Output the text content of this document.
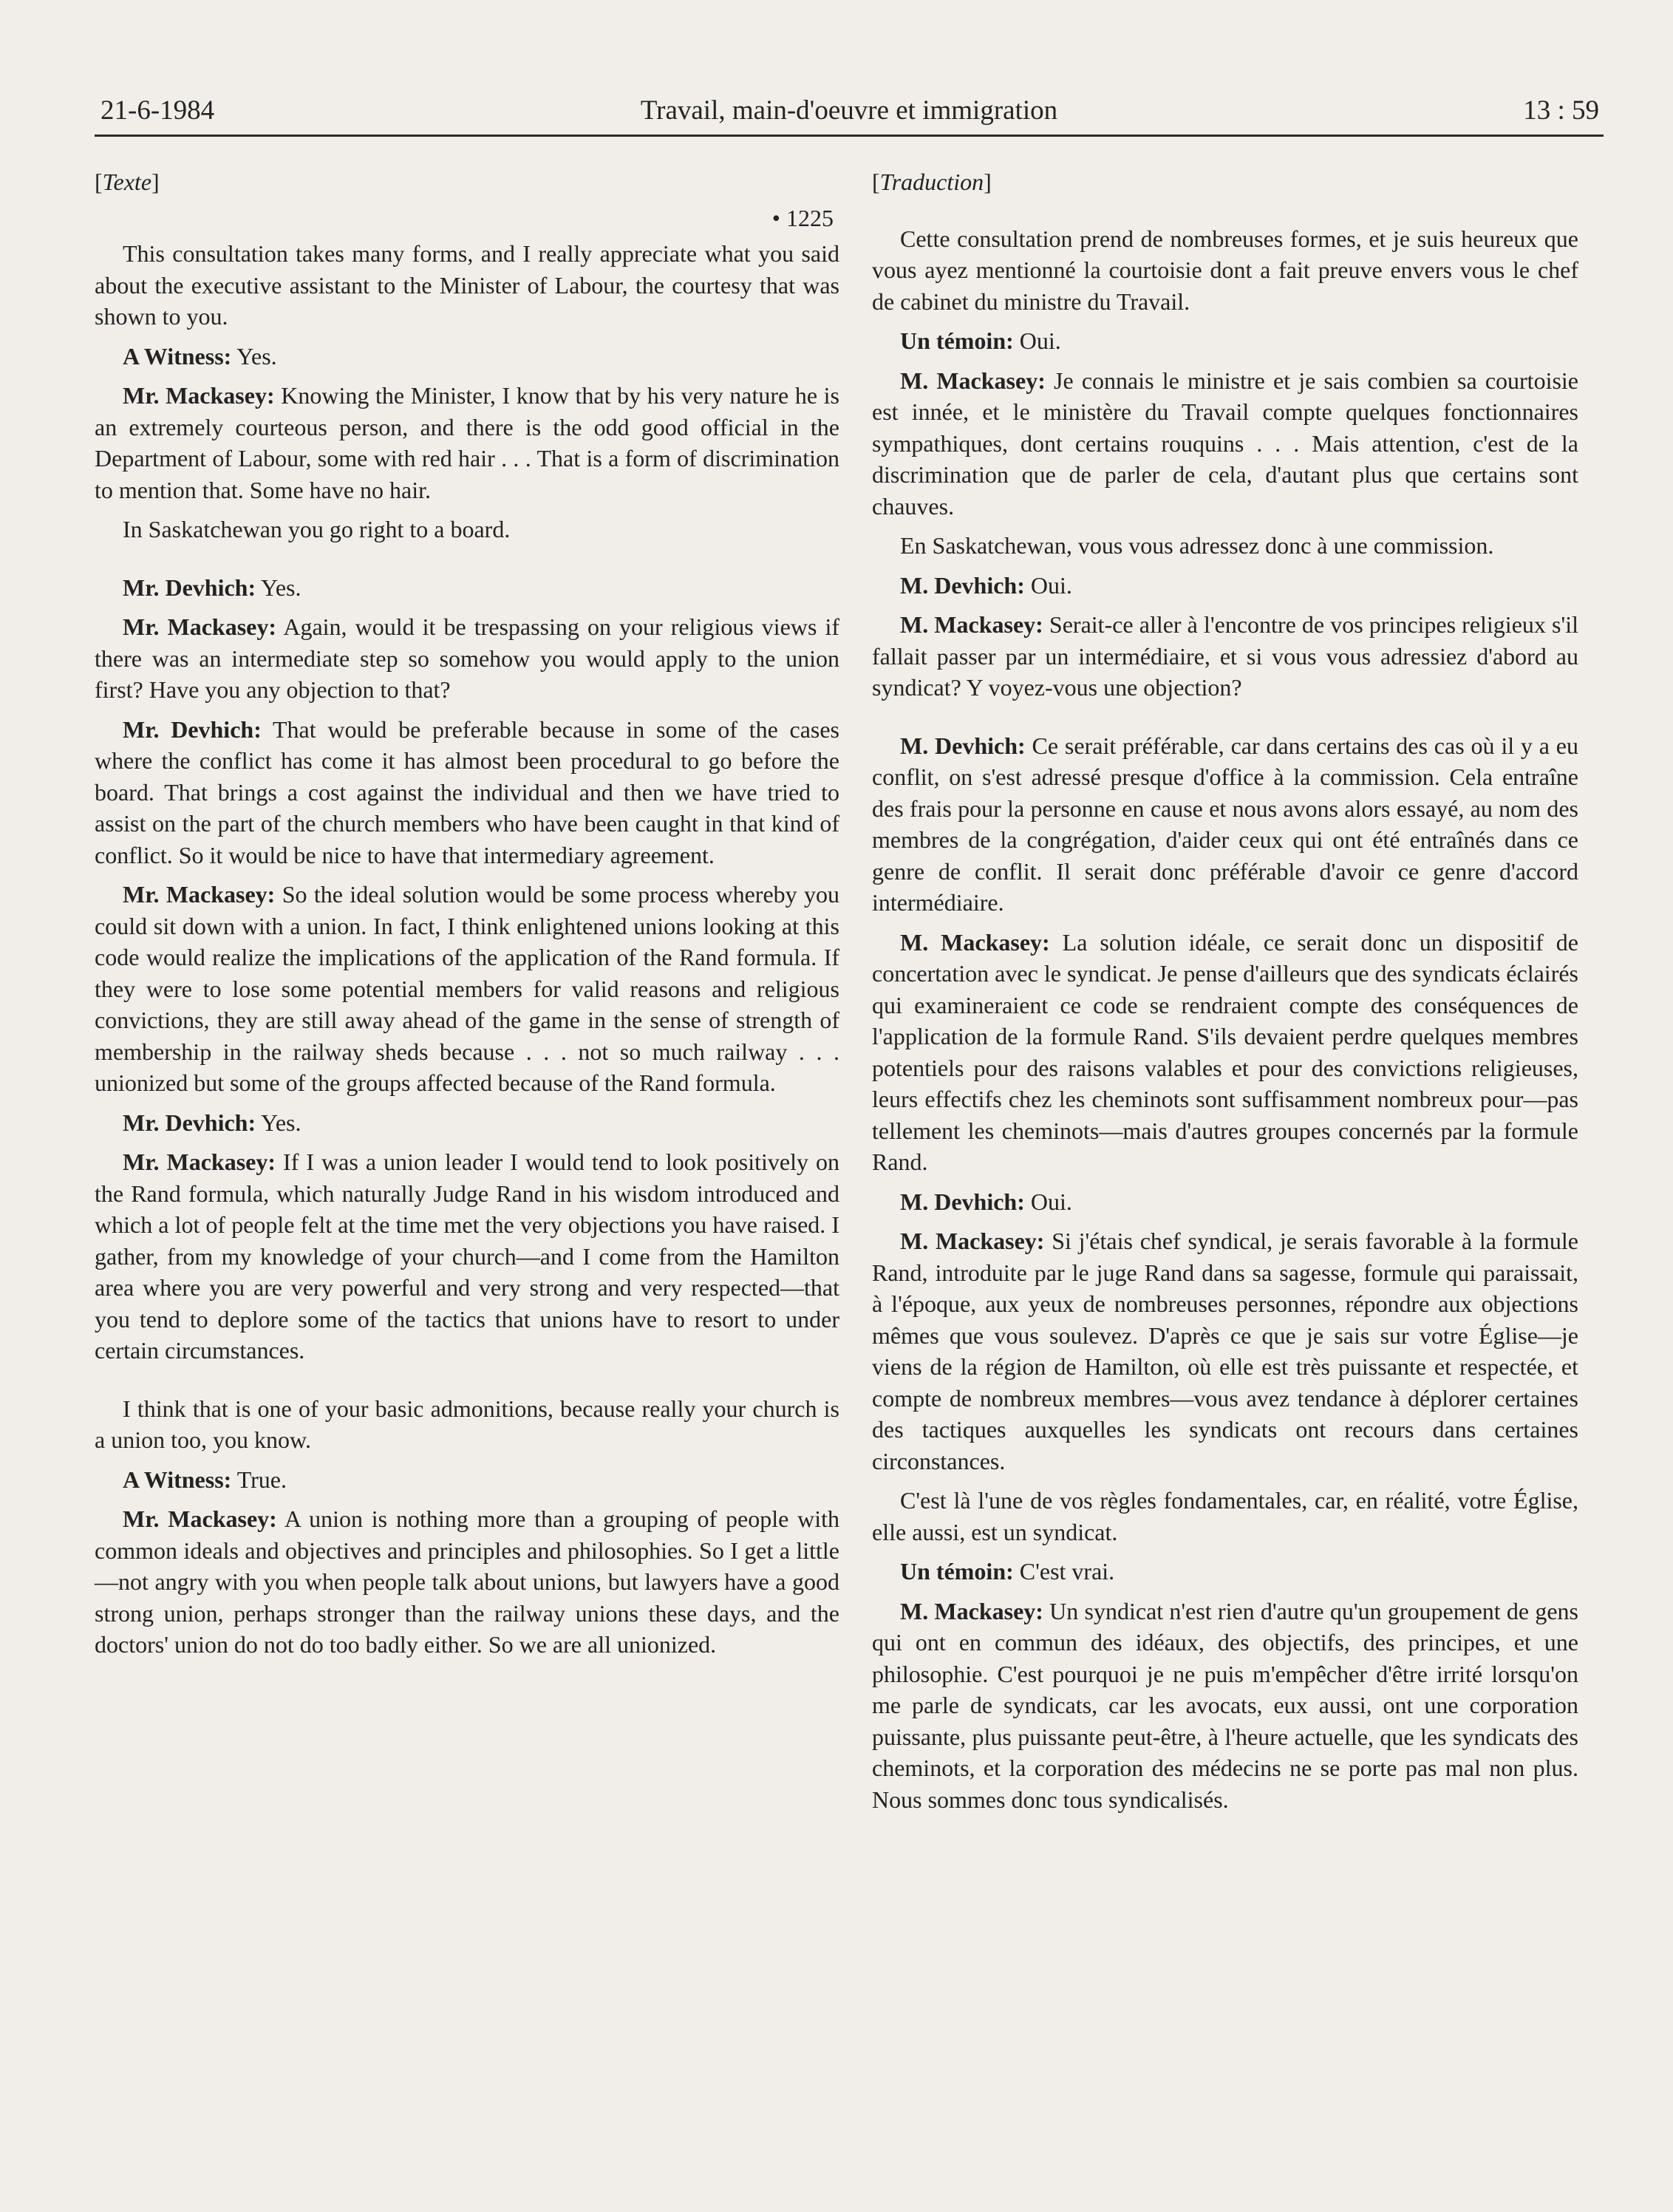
21-6-1984	Travail, main-d'oeuvre et immigration	13 : 59
[Texte]
• 1225

This consultation takes many forms, and I really appreciate what you said about the executive assistant to the Minister of Labour, the courtesy that was shown to you.

A Witness: Yes.

Mr. Mackasey: Knowing the Minister, I know that by his very nature he is an extremely courteous person, and there is the odd good official in the Department of Labour, some with red hair . . . That is a form of discrimination to mention that. Some have no hair.

In Saskatchewan you go right to a board.

Mr. Devhich: Yes.

Mr. Mackasey: Again, would it be trespassing on your religious views if there was an intermediate step so somehow you would apply to the union first? Have you any objection to that?

Mr. Devhich: That would be preferable because in some of the cases where the conflict has come it has almost been procedural to go before the board. That brings a cost against the individual and then we have tried to assist on the part of the church members who have been caught in that kind of conflict. So it would be nice to have that intermediary agreement.

Mr. Mackasey: So the ideal solution would be some process whereby you could sit down with a union. In fact, I think enlightened unions looking at this code would realize the implications of the application of the Rand formula. If they were to lose some potential members for valid reasons and religious convictions, they are still away ahead of the game in the sense of strength of membership in the railway sheds because . . . not so much railway . . . unionized but some of the groups affected because of the Rand formula.

Mr. Devhich: Yes.

Mr. Mackasey: If I was a union leader I would tend to look positively on the Rand formula, which naturally Judge Rand in his wisdom introduced and which a lot of people felt at the time met the very objections you have raised. I gather, from my knowledge of your church—and I come from the Hamilton area where you are very powerful and very strong and very respected—that you tend to deplore some of the tactics that unions have to resort to under certain circumstances.

I think that is one of your basic admonitions, because really your church is a union too, you know.

A Witness: True.

Mr. Mackasey: A union is nothing more than a grouping of people with common ideals and objectives and principles and philosophies. So I get a little—not angry with you when people talk about unions, but lawyers have a good strong union, perhaps stronger than the railway unions these days, and the doctors' union do not do too badly either. So we are all unionized.

[Traduction]

Cette consultation prend de nombreuses formes, et je suis heureux que vous ayez mentionné la courtoisie dont a fait preuve envers vous le chef de cabinet du ministre du Travail.

Un témoin: Oui.

M. Mackasey: Je connais le ministre et je sais combien sa courtoisie est innée, et le ministère du Travail compte quelques fonctionnaires sympathiques, dont certains rouquins . . . Mais attention, c'est de la discrimination que de parler de cela, d'autant plus que certains sont chauves.

En Saskatchewan, vous vous adressez donc à une commission.

M. Devhich: Oui.

M. Mackasey: Serait-ce aller à l'encontre de vos principes religieux s'il fallait passer par un intermédiaire, et si vous vous adressiez d'abord au syndicat? Y voyez-vous une objection?

M. Devhich: Ce serait préférable, car dans certains des cas où il y a eu conflit, on s'est adressé presque d'office à la commission. Cela entraîne des frais pour la personne en cause et nous avons alors essayé, au nom des membres de la congrégation, d'aider ceux qui ont été entraînés dans ce genre de conflit. Il serait donc préférable d'avoir ce genre d'accord intermédiaire.

M. Mackasey: La solution idéale, ce serait donc un dispositif de concertation avec le syndicat. Je pense d'ailleurs que des syndicats éclairés qui examineraient ce code se rendraient compte des conséquences de l'application de la formule Rand. S'ils devaient perdre quelques membres potentiels pour des raisons valables et pour des convictions religieuses, leurs effectifs chez les cheminots sont suffisamment nombreux pour—pas tellement les cheminots—mais d'autres groupes concernés par la formule Rand.

M. Devhich: Oui.

M. Mackasey: Si j'étais chef syndical, je serais favorable à la formule Rand, introduite par le juge Rand dans sa sagesse, formule qui paraissait, à l'époque, aux yeux de nombreuses personnes, répondre aux objections mêmes que vous soulevez. D'après ce que je sais sur votre Église—je viens de la région de Hamilton, où elle est très puissante et respectée, et compte de nombreux membres—vous avez tendance à déplorer certaines des tactiques auxquelles les syndicats ont recours dans certaines circonstances.

C'est là l'une de vos règles fondamentales, car, en réalité, votre Église, elle aussi, est un syndicat.

Un témoin: C'est vrai.

M. Mackasey: Un syndicat n'est rien d'autre qu'un groupement de gens qui ont en commun des idéaux, des objectifs, des principes, et une philosophie. C'est pourquoi je ne puis m'empêcher d'être irrité lorsqu'on me parle de syndicats, car les avocats, eux aussi, ont une corporation puissante, plus puissante peut-être, à l'heure actuelle, que les syndicats des cheminots, et la corporation des médecins ne se porte pas mal non plus. Nous sommes donc tous syndicalisés.
